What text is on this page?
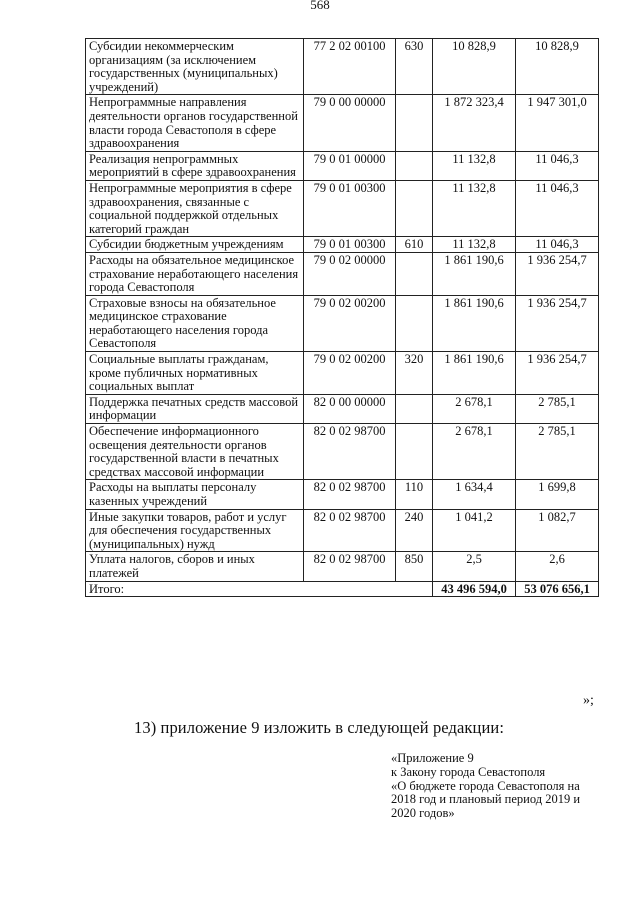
568
Субсидии некоммерческим организациям (за исключением государственных (муниципальных) учреждений)	77 2 02 00100	630	10 828,9	10 828,9
Непрограммные направления деятельности органов государственной власти города Севастополя в сфере здравоохранения	79 0 00 00000		1 872 323,4	1 947 301,0
Реализация непрограммных мероприятий в сфере здравоохранения	79 0 01 00000		11 132,8	11 046,3
Непрограммные мероприятия в сфере здравоохранения, связанные с социальной поддержкой отдельных категорий граждан	79 0 01 00300		11 132,8	11 046,3
Субсидии бюджетным учреждениям	79 0 01 00300	610	11 132,8	11 046,3
Расходы на обязательное медицинское страхование неработающего населения города Севастополя	79 0 02 00000		1 861 190,6	1 936 254,7
Страховые взносы на обязательное медицинское страхование неработающего населения города Севастополя	79 0 02 00200		1 861 190,6	1 936 254,7
Социальные выплаты гражданам, кроме публичных нормативных социальных выплат	79 0 02 00200	320	1 861 190,6	1 936 254,7
Поддержка печатных средств массовой информации	82 0 00 00000		2 678,1	2 785,1
Обеспечение информационного освещения деятельности органов государственной власти в печатных средствах массовой информации	82 0 02 98700		2 678,1	2 785,1
Расходы на выплаты персоналу казенных учреждений	82 0 02 98700	110	1 634,4	1 699,8
Иные закупки товаров, работ и услуг для обеспечения государственных (муниципальных) нужд	82 0 02 98700	240	1 041,2	1 082,7
Уплата налогов, сборов и иных платежей	82 0 02 98700	850	2,5	2,6
Итого:			43 496 594,0	53 076 656,1
»;
13) приложение 9 изложить в следующей редакции:
«Приложение 9
к Закону города Севастополя
«О бюджете города Севастополя на
2018 год и плановый период 2019 и
2020 годов»
